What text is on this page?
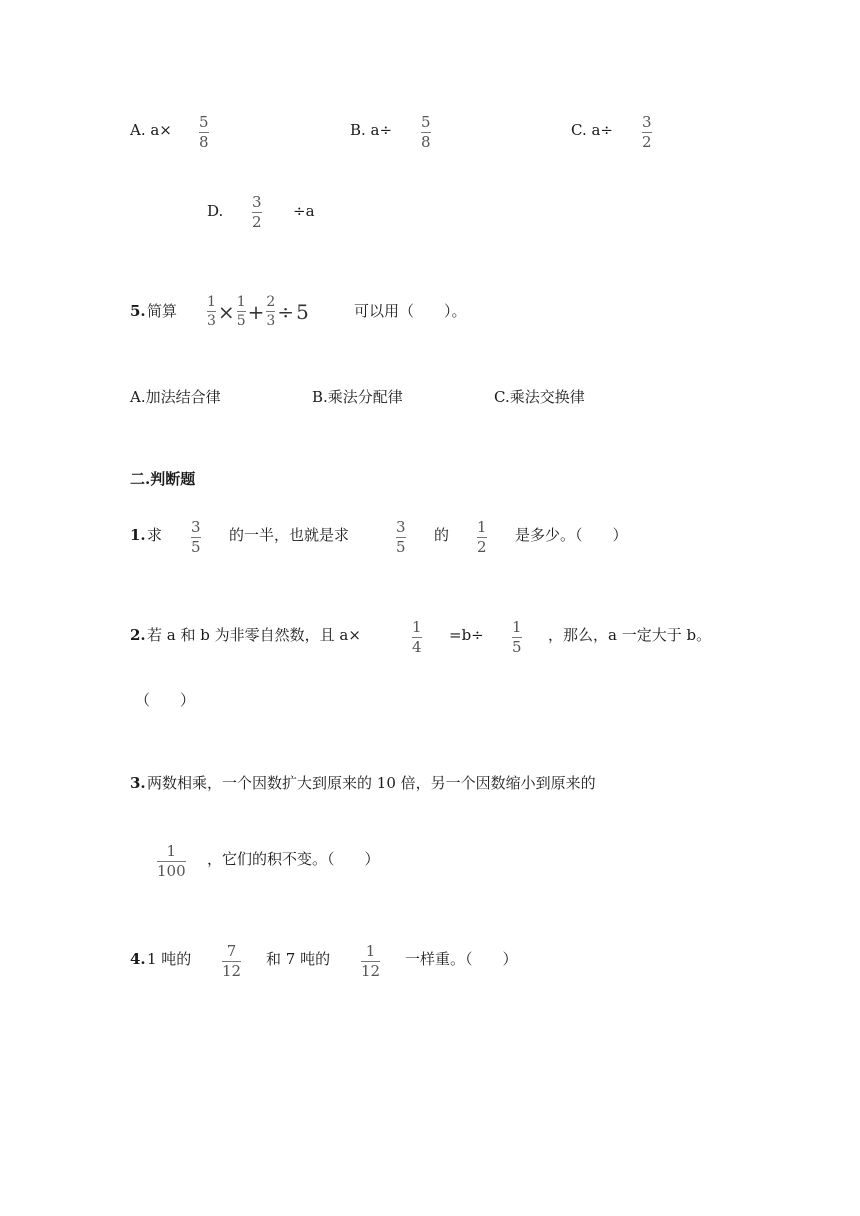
A. a× 5
8
B. a÷ 5
8
C. a÷ 3
2
D. 3
2
÷a
5. 简算 $\frac{1}{3} \times \frac{1}{5} + \frac{2}{3} \div 5$	可以用（　　）。
A.加法结合律	B.乘法分配律	C.乘法交换律
二.判断题
1. 求 3
5
的一半，也就是求	3
5
的 1
2
是多少。（　　）
2. 若 a 和 b 为非零自然数，且 a×	1
4
=b÷ 1
5
，那么，a 一定大于 b。
（　　）
3. 两数相乘，一个因数扩大到原来的 10 倍，另一个因数缩小到原来的
1
100
，它们的积不变。（　　）
4. 1 吨的 7
12
和 7 吨的 1
12
一样重。（　　）
